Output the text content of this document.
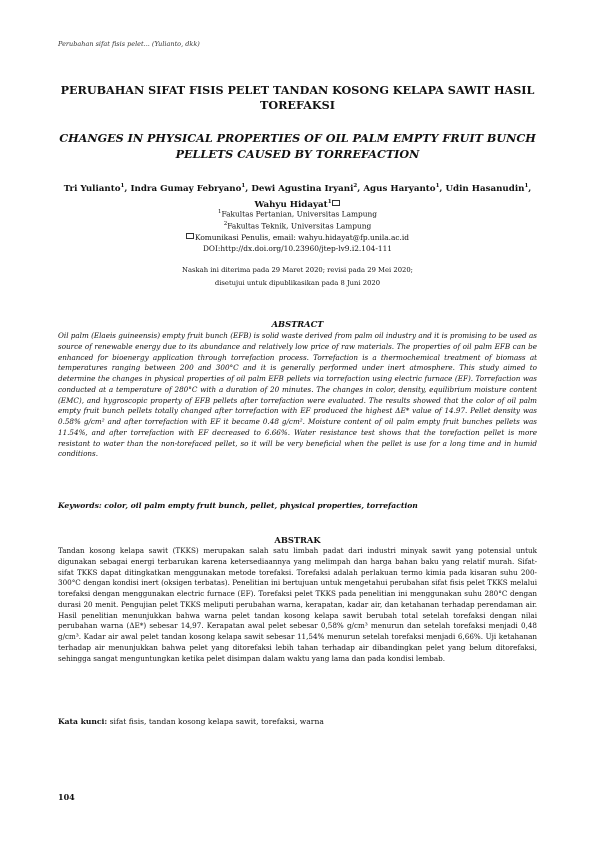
Perubahan sifat fisis pelet... (Yulianto, dkk)
PERUBAHAN SIFAT FISIS PELET TANDAN KOSONG KELAPA SAWIT HASIL TOREFAKSI
CHANGES IN PHYSICAL PROPERTIES OF OIL PALM EMPTY FRUIT BUNCH PELLETS CAUSED BY TORREFACTION
Tri Yulianto$^1$, Indra Gumay Febryano$^1$, Dewi Agustina Iryani$^2$, Agus Haryanto$^1$, Udin Hasanudin$^1$, Wahyu Hidayat$^1$
$^1$Fakultas Pertanian, Universitas Lampung
$^2$Fakultas Teknik, Universitas Lampung
Komunikasi Penulis, email: wahyu.hidayat@fp.unila.ac.id
DOI:http://dx.doi.org/10.23960/jtep-lv9.i2.104-111
Naskah ini diterima pada 29 Maret 2020; revisi pada 29 Mei 2020;
disetujui untuk dipublikasikan pada 8 Juni 2020
ABSTRACT
Oil palm (Elaeis guineensis) empty fruit bunch (EFB) is solid waste derived from palm oil industry and it is promising to be used as source of renewable energy due to its abundance and relatively low price of raw materials. The properties of oil palm EFB can be enhanced for bioenergy application through torrefaction process. Torrefaction is a thermochemical treatment of biomass at temperatures ranging between 200 and 300°C and it is generally performed under inert atmosphere. This study aimed to determine the changes in physical properties of oil palm EFB pellets via torrefaction using electric furnace (EF). Torrefaction was conducted at a temperature of 280°C with a duration of 20 minutes. The changes in color, density, equilibrium moisture content (EMC), and hygroscopic property of EFB pellets after torrefaction were evaluated. The results showed that the color of oil palm empty fruit bunch pellets totally changed after torrefaction with EF produced the highest ΔE* value of 14.97. Pellet density was 0.58% g/cm² and after torrefaction with EF it became 0.48 g/cm². Moisture content of oil palm empty fruit bunches pellets was 11.54%, and after torrefaction with EF decreased to 6.66%. Water resistance test shows that the torefaction pellet is more resistant to water than the non-torefaced pellet, so it will be very beneficial when the pellet is use for a long time and in humid conditions.
Keywords: color, oil palm empty fruit bunch, pellet, physical properties, torrefaction
ABSTRAK
Tandan kosong kelapa sawit (TKKS) merupakan salah satu limbah padat dari industri minyak sawit yang potensial untuk digunakan sebagai energi terbarukan karena ketersediaannya yang melimpah dan harga bahan baku yang relatif murah. Sifat-sifat TKKS dapat ditingkatkan menggunakan metode torefaksi. Torefaksi adalah perlakuan termo kimia pada kisaran suhu 200-300°C dengan kondisi inert (oksigen terbatas). Penelitian ini bertujuan untuk mengetahui perubahan sifat fisis pelet TKKS melalui torefaksi dengan menggunakan electric furnace (EF). Torefaksi pelet TKKS pada penelitian ini menggunakan suhu 280°C dengan durasi 20 menit. Pengujian pelet TKKS meliputi perubahan warna, kerapatan, kadar air, dan ketahanan terhadap perendaman air. Hasil penelitian menunjukkan bahwa warna pelet tandan kosong kelapa sawit berubah total setelah torefaksi dengan nilai perubahan warna (ΔE*) sebesar 14,97. Kerapatan awal pelet sebesar 0,58% g/cm³ menurun dan setelah torefaksi menjadi 0,48 g/cm³. Kadar air awal pelet tandan kosong kelapa sawit sebesar 11,54% menurun setelah torefaksi menjadi 6,66%. Uji ketahanan terhadap air menunjukkan bahwa pelet yang ditorefaksi lebih tahan terhadap air dibandingkan pelet yang belum ditorefaksi, sehingga sangat menguntungkan ketika pelet disimpan dalam waktu yang lama dan pada kondisi lembab.
Kata kunci: sifat fisis, tandan kosong kelapa sawit, torefaksi, warna
104
